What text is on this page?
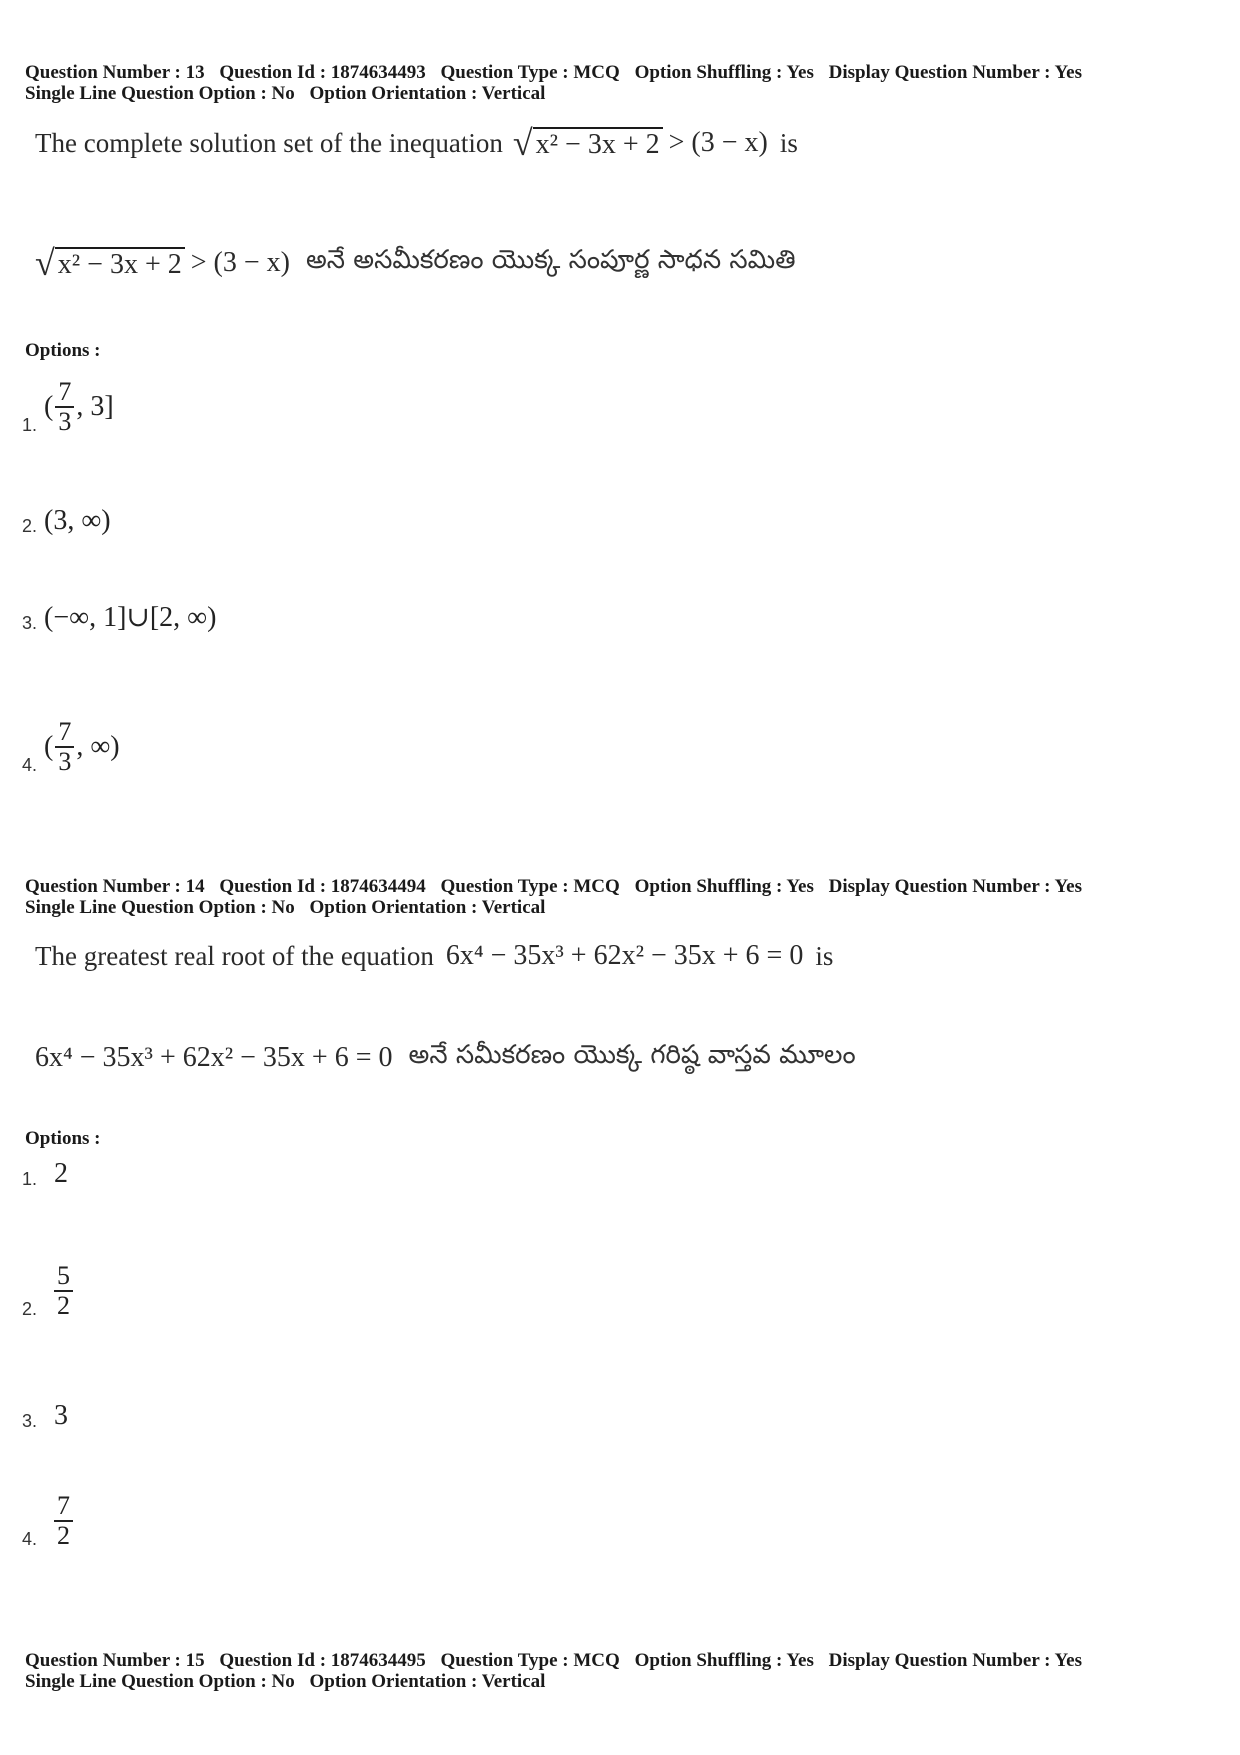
Question Number : 13 Question Id : 1874634493 Question Type : MCQ Option Shuffling : Yes Display Question Number : Yes
Single Line Question Option : No Option Orientation : Vertical
The complete solution set of the inequation √ x² − 3x + 2 > (3 − x) is
√ x² − 3x + 2 > (3 − x) అనే అసమీకరణం యొక్క సంపూర్ణ సాధన సమితి
Options :
1.
( $\frac{7}{3}$ , 3]
2. (3, ∞)
3. (−∞, 1]∪[2, ∞)
4.
( $\frac{7}{3}$ , ∞)
Question Number : 14 Question Id : 1874634494 Question Type : MCQ Option Shuffling : Yes Display Question Number : Yes
Single Line Question Option : No Option Orientation : Vertical
The greatest real root of the equation 6x⁴ − 35x³ + 62x² − 35x + 6 = 0 is
6x⁴ − 35x³ + 62x² − 35x + 6 = 0 అనే సమీకరణం యొక్క గరిష్ఠ వాస్తవ మూలం
Options :
1. 2
2. $\frac{5}{2}$
3. 3
4. $\frac{7}{2}$
Question Number : 15 Question Id : 1874634495 Question Type : MCQ Option Shuffling : Yes Display Question Number : Yes
Single Line Question Option : No Option Orientation : Vertical
